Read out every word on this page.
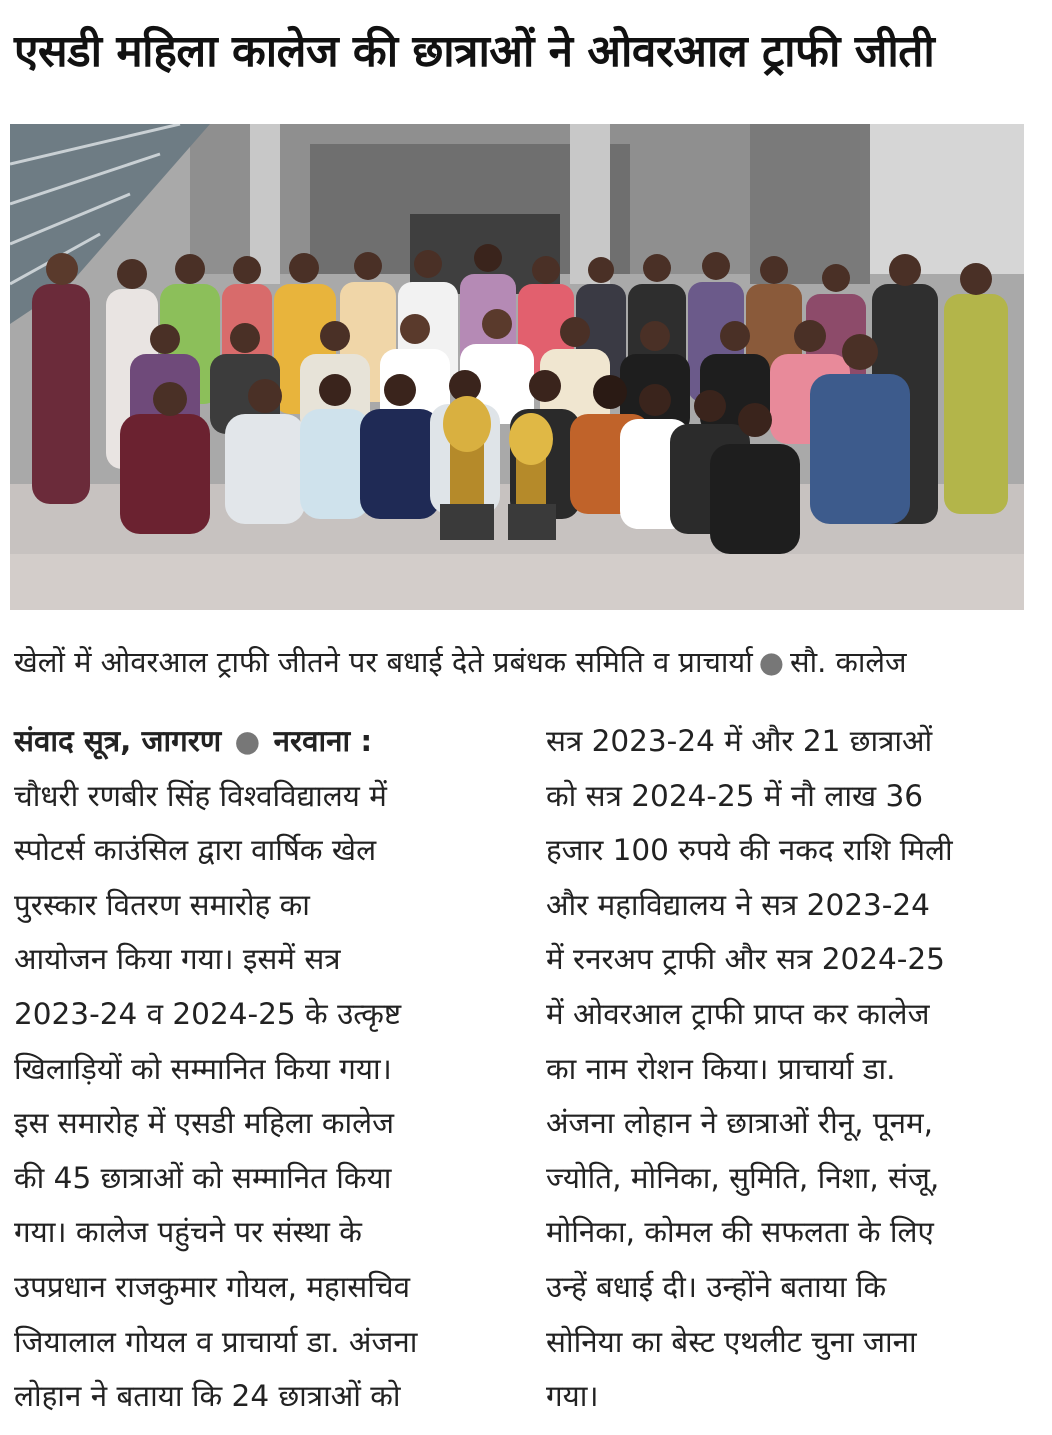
एसडी महिला कालेज की छात्राओं ने ओवरआल ट्राफी जीती
खेलों में ओवरआल ट्राफी जीतने पर बधाई देते प्रबंधक समिति व प्राचार्या ● सौ. कालेज
संवाद सूत्र, जागरण ● नरवाना :
चौधरी रणबीर सिंह विश्वविद्यालय में
स्पोटर्स काउंसिल द्वारा वार्षिक खेल
पुरस्कार वितरण समारोह का
आयोजन किया गया। इसमें सत्र
2023-24 व 2024-25 के उत्कृष्ट
खिलाड़ियों को सम्मानित किया गया।
इस समारोह में एसडी महिला कालेज
की 45 छात्राओं को सम्मानित किया
गया। कालेज पहुंचने पर संस्था के
उपप्रधान राजकुमार गोयल, महासचिव
जियालाल गोयल व प्राचार्या डा. अंजना
लोहान ने बताया कि 24 छात्राओं को
सत्र 2023-24 में और 21 छात्राओं
को सत्र 2024-25 में नौ लाख 36
हजार 100 रुपये की नकद राशि मिली
और महाविद्यालय ने सत्र 2023-24
में रनरअप ट्राफी और सत्र 2024-25
में ओवरआल ट्राफी प्राप्त कर कालेज
का नाम रोशन किया। प्राचार्या डा.
अंजना लोहान ने छात्राओं रीनू, पूनम,
ज्योति, मोनिका, सुमिति, निशा, संजू,
मोनिका, कोमल की सफलता के लिए
उन्हें बधाई दी। उन्होंने बताया कि
सोनिया का बेस्ट एथलीट चुना जाना
गया।
